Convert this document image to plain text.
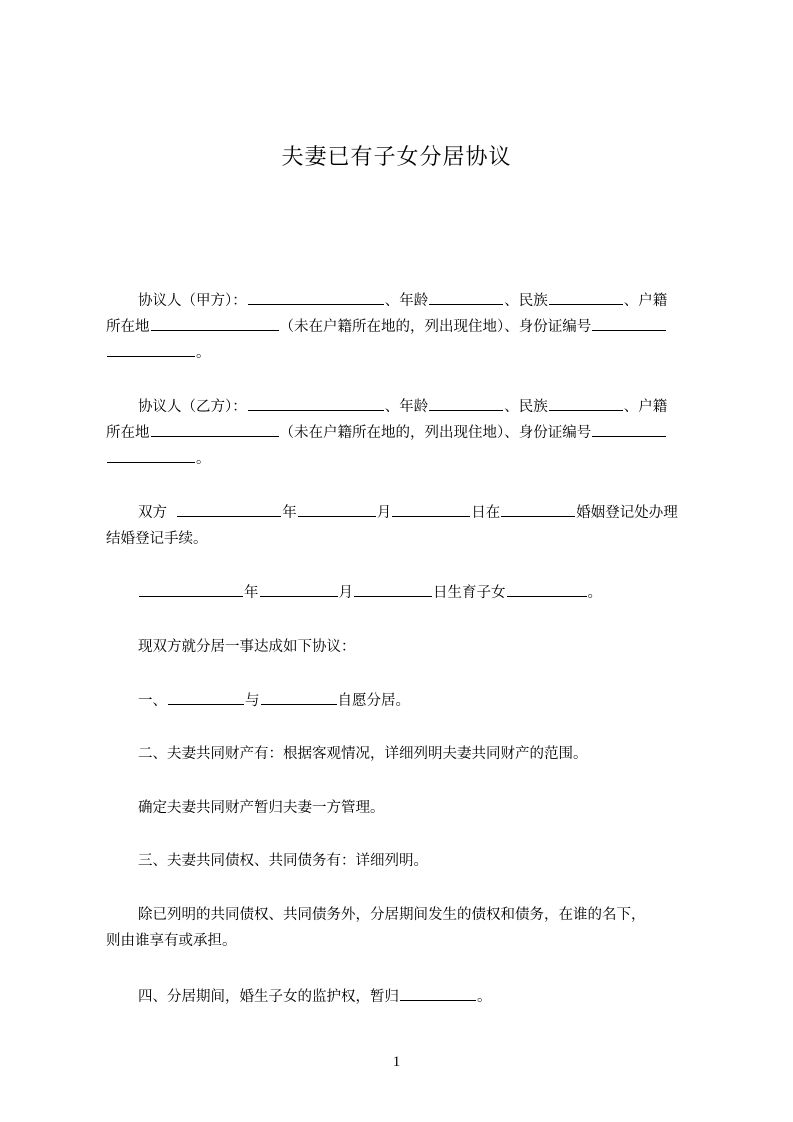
夫妻已有子女分居协议
协议人（甲方）：	、年龄	、民族	、户籍
所在地	（未在户籍所在地的，列出现住地）、身份证编号
。
协议人（乙方）：	、年龄	、民族	、户籍
所在地	（未在户籍所在地的，列出现住地）、身份证编号
。
双方	年	月	日在	婚姻登记处办理
结婚登记手续。
年	月	日生育子女	。
现双方就分居一事达成如下协议：
一、	与	自愿分居。
二、夫妻共同财产有：根据客观情况，详细列明夫妻共同财产的范围。
确定夫妻共同财产暂归夫妻一方管理。
三、夫妻共同债权、共同债务有：详细列明。
除已列明的共同债权、共同债务外，分居期间发生的债权和债务，在谁的名下，
则由谁享有或承担。
四、分居期间，婚生子女的监护权，暂归	。
1
